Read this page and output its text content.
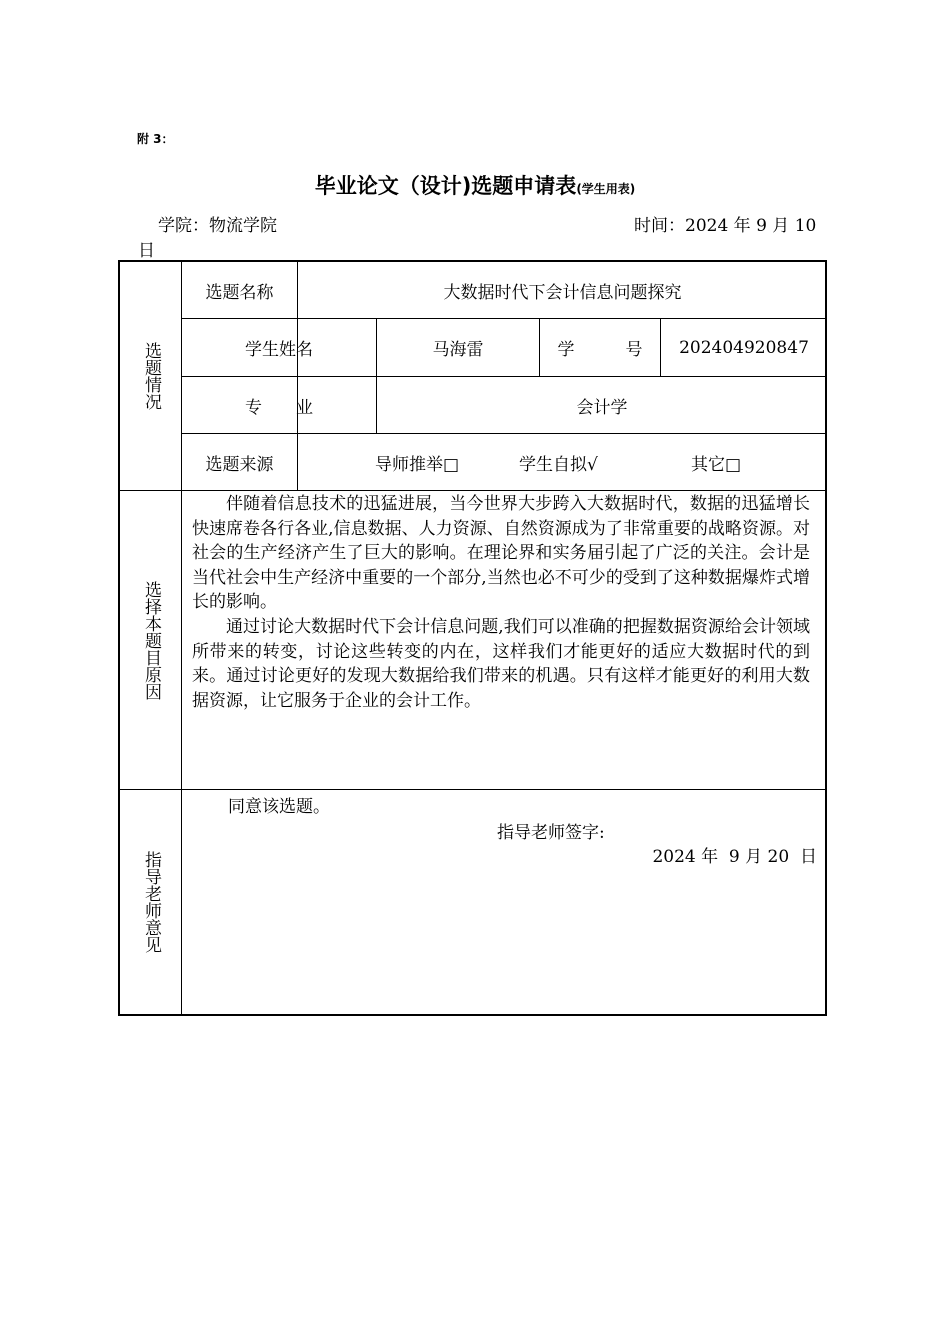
附 3：
毕业论文（设计)选题申请表(学生用表)
学院：物流学院	时间：2024 年 9 月 10
日
选题情况
选题名称	大数据时代下会计信息问题探究
学生姓名	马海雷	学　　　号	202404920847
专　　业	会计学
选题来源	导师推举□	学生自拟√	其它□
选择本题目原因

伴随着信息技术的迅猛进展，当今世界大步跨入大数据时代，数据的迅猛增长快速席卷各行各业,信息数据、人力资源、自然资源成为了非常重要的战略资源。对社会的生产经济产生了巨大的影响。在理论界和实务届引起了广泛的关注。会计是当代社会中生产经济中重要的一个部分,当然也必不可少的受到了这种数据爆炸式增长的影响。

通过讨论大数据时代下会计信息问题,我们可以准确的把握数据资源给会计领域所带来的转变，讨论这些转变的内在，这样我们才能更好的适应大数据时代的到来。通过讨论更好的发现大数据给我们带来的机遇。只有这样才能更好的利用大数据资源，让它服务于企业的会计工作。

指导老师意见
同意该选题。
指导老师签字:
2024 年  9 月 20  日
